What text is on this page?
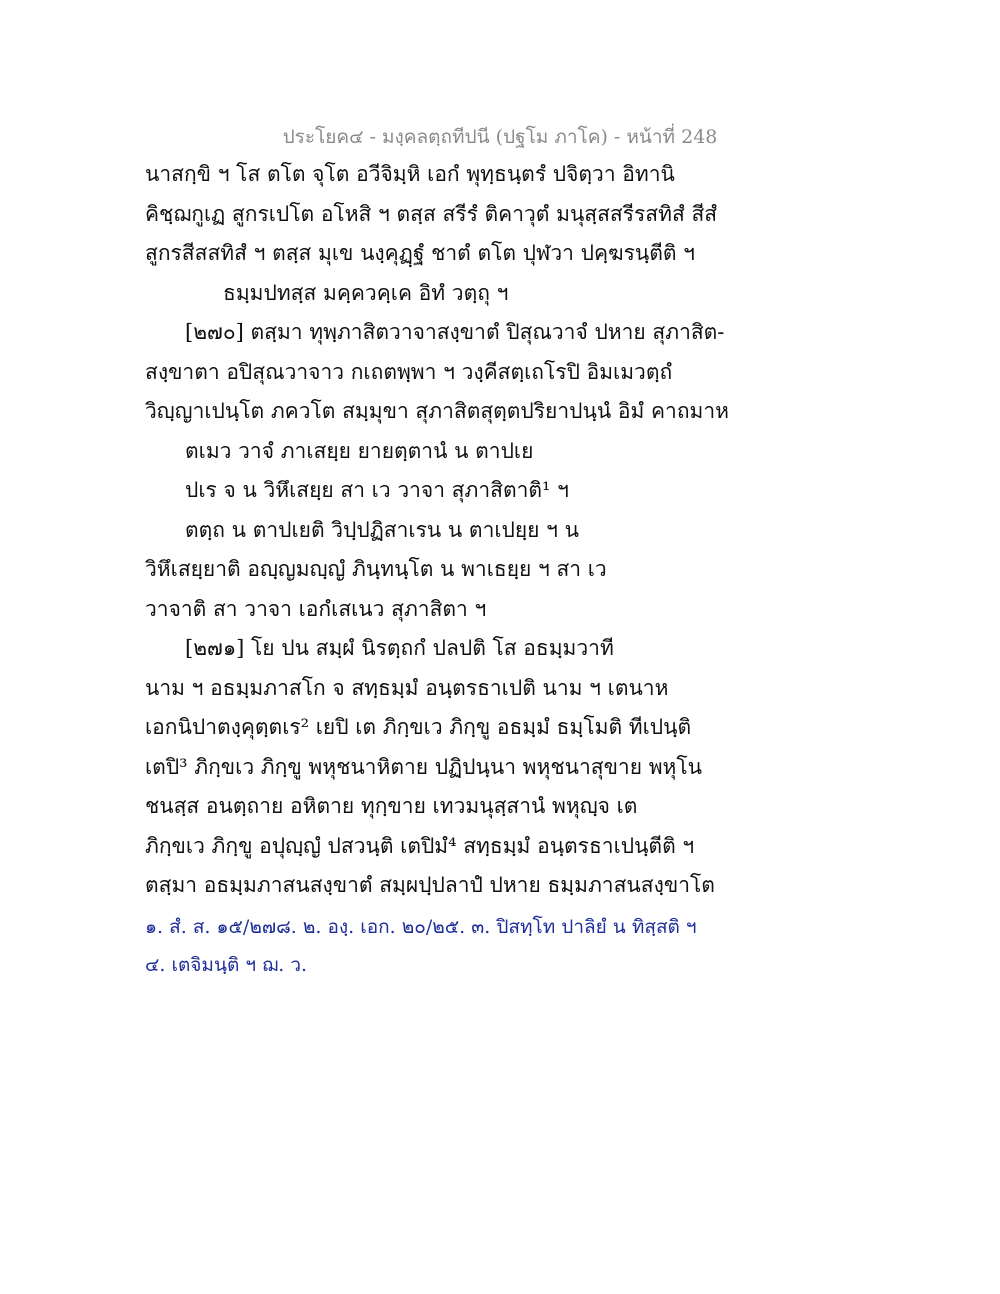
ประโยค๔ - มงฺคลตฺถทีปนี (ปฐโม ภาโค) - หน้าที่ 248
นาสกฺขิ ฯ โส ตโต จุโต อวีจิมฺหิ เอกํ พุทฺธนฺตรํ ปจิตฺวา อิทานิ
คิชฺฌกูเฏ สูกรเปโต อโหสิ ฯ ตสฺส สรีรํ ติคาวุตํ มนุสฺสสรีรสทิสํ สีสํ
สูกรสีสสทิสํ ฯ ตสฺส มุเข นงฺคุฏฺฐํ ชาตํ ตโต ปุฬวา ปคฺฆรนฺตีติ ฯ
ธมฺมปทสฺส มคฺควคฺเค อิทํ วตฺถุ ฯ
[๒๗๐] ตสฺมา ทุพฺภาสิตวาจาสงฺขาตํ ปิสุณวาจํ ปหาย สุภาสิต-
สงฺขาตา อปิสุณวาจาว กเถตพฺพา ฯ วงฺคีสตฺเถโรปิ อิมเมวตฺถํ
วิญฺญาเปนฺโต ภควโต สมฺมุขา สุภาสิตสุตฺตปริยาปนฺนํ อิมํ คาถมาห
ตเมว วาจํ ภาเสยฺย ยายตฺตานํ น ตาปเย
ปเร จ น วิหึเสยฺย สา เว วาจา สุภาสิตาติ¹ ฯ
ตตฺถ น ตาปเยติ วิปฺปฏิสาเรน น ตาเปยฺย ฯ น
วิหึเสยฺยาติ อญฺญมญฺญํ ภินฺทนฺโต น พาเธยฺย ฯ สา เว
วาจาติ สา วาจา เอกํเสเนว สุภาสิตา ฯ
[๒๗๑] โย ปน สมฺผํ นิรตฺถกํ ปลปติ โส อธมฺมวาที
นาม ฯ อธมฺมภาสโก จ สทฺธมฺมํ อนฺตรธาเปติ นาม ฯ เตนาห
เอกนิปาตงฺคุตฺตเร² เยปิ เต ภิกฺขเว ภิกฺขู อธมฺมํ ธมฺโมติ ทีเปนฺติ
เตปิ³ ภิกฺขเว ภิกฺขู พหุชนาหิตาย ปฏิปนฺนา พหุชนาสุขาย พหุโน
ชนสฺส อนตฺถาย อหิตาย ทุกฺขาย เทวมนุสฺสานํ พหุญฺจ เต
ภิกฺขเว ภิกฺขู อปุญฺญํ ปสวนฺติ เตปิมํ⁴ สทฺธมฺมํ อนฺตรธาเปนฺตีติ ฯ
ตสฺมา อธมฺมภาสนสงฺขาตํ สมฺผปฺปลาปํ ปหาย ธมฺมภาสนสงฺขาโต
๑. สํ. ส. ๑๕/๒๗๘. ๒. องฺ. เอก. ๒๐/๒๕. ๓. ปิสทฺโท ปาลิยํ น ทิสฺสติ ฯ
๔. เตจิมนฺติ ฯ ฌ. ว.
